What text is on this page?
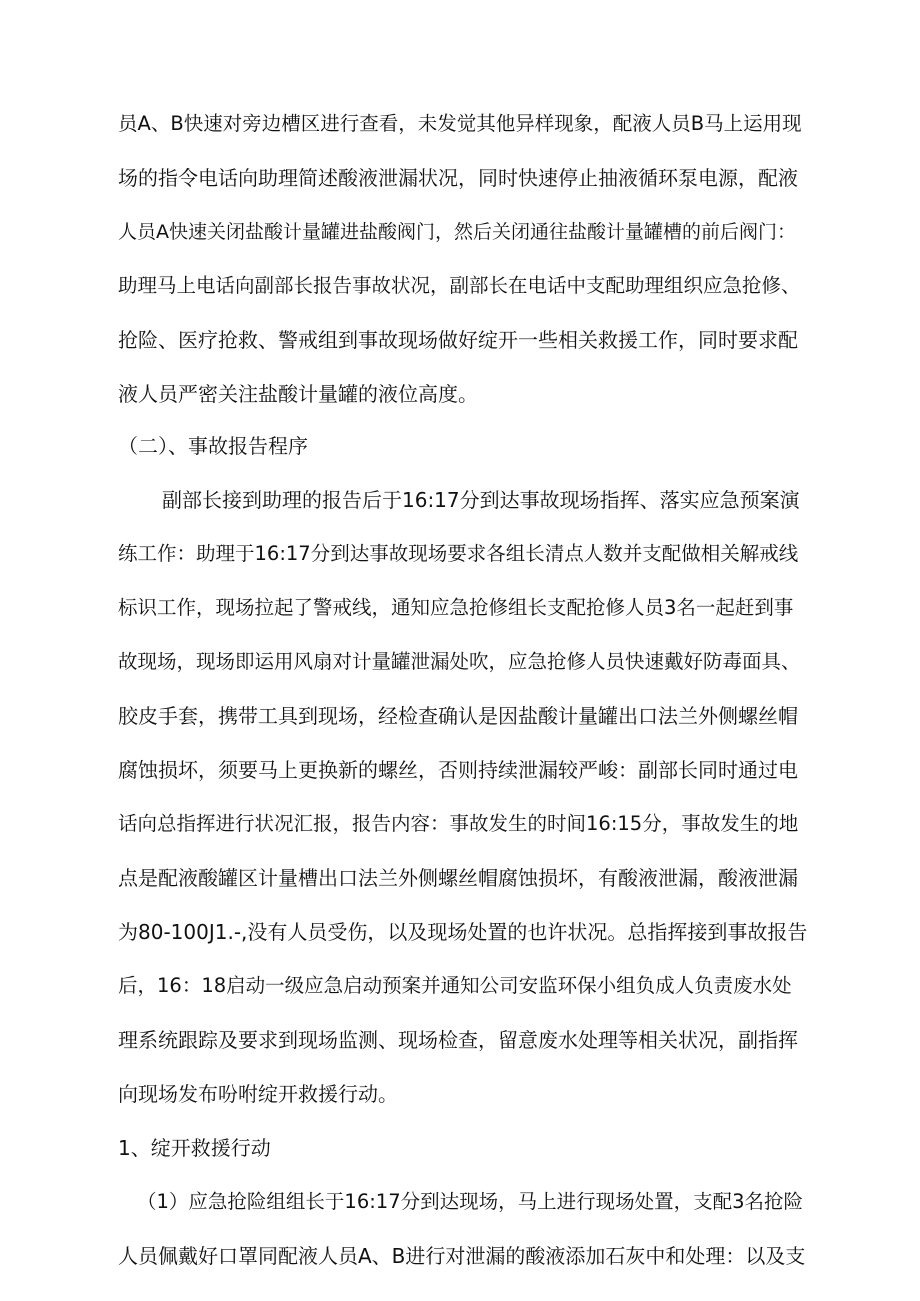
员A、B快速对旁边槽区进行查看，未发觉其他异样现象，配液人员B马上运用现
场的指令电话向助理简述酸液泄漏状况，同时快速停止抽液循环泵电源，配液
人员A快速关闭盐酸计量罐进盐酸阀门，然后关闭通往盐酸计量罐槽的前后阀门：
助理马上电话向副部长报告事故状况，副部长在电话中支配助理组织应急抢修、
抢险、医疗抢救、警戒组到事故现场做好绽开一些相关救援工作，同时要求配
液人员严密关注盐酸计量罐的液位高度。
（二）、事故报告程序
副部长接到助理的报告后于16:17分到达事故现场指挥、落实应急预案演
练工作：助理于16:17分到达事故现场要求各组长清点人数并支配做相关解戒线
标识工作，现场拉起了警戒线，通知应急抢修组长支配抢修人员3名一起赶到事
故现场，现场即运用风扇对计量罐泄漏处吹，应急抢修人员快速戴好防毒面具、
胶皮手套，携带工具到现场，经检查确认是因盐酸计量罐出口法兰外侧螺丝帽
腐蚀损坏，须要马上更换新的螺丝，否则持续泄漏较严峻：副部长同时通过电
话向总指挥进行状况汇报，报告内容：事故发生的时间16:15分，事故发生的地
点是配液酸罐区计量槽出口法兰外侧螺丝帽腐蚀损坏，有酸液泄漏，酸液泄漏
为80-100J1.-,没有人员受伤，以及现场处置的也许状况。总指挥接到事故报告
后，16：18启动一级应急启动预案并通知公司安监环保小组负成人负责废水处
理系统跟踪及要求到现场监测、现场检查，留意废水处理等相关状况，副指挥
向现场发布吩咐绽开救援行动。
1、绽开救援行动
（1）应急抢险组组长于16:17分到达现场，马上进行现场处置，支配3名抢险
人员佩戴好口罩同配液人员A、B进行对泄漏的酸液添加石灰中和处理：以及支
